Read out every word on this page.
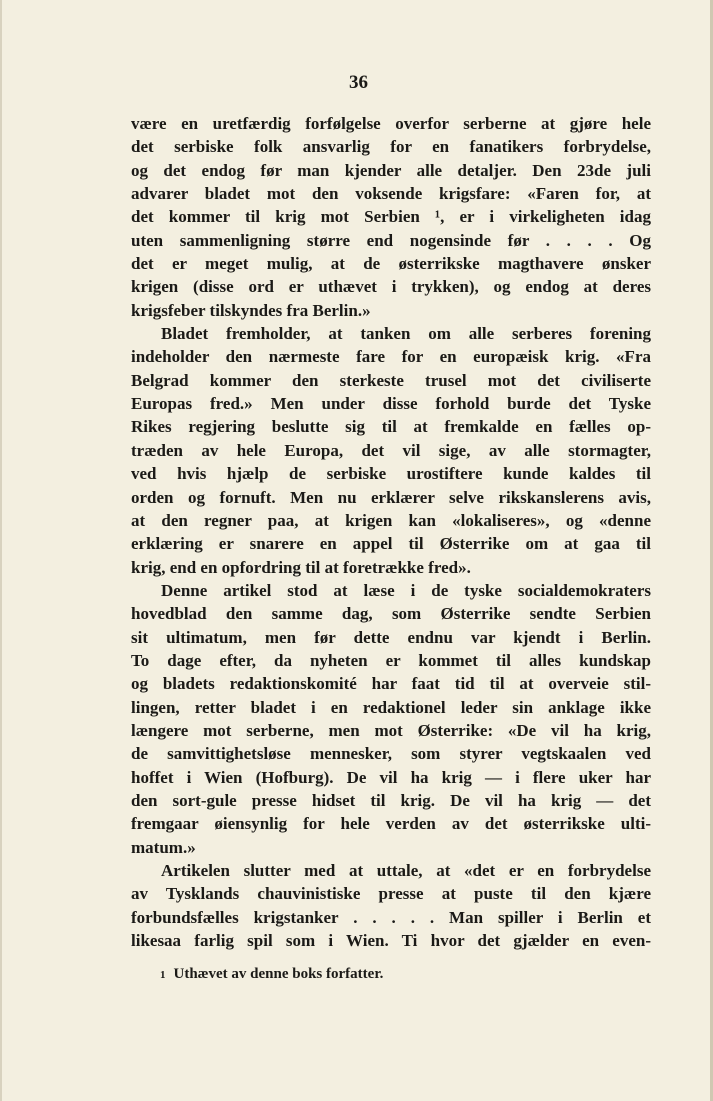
36
være en uretfærdig forfølgelse overfor serberne at gjøre hele
det serbiske folk ansvarlig for en fanatikers forbrydelse,
og det endog før man kjender alle detaljer. Den 23de juli
advarer bladet mot den voksende krigsfare: «Faren for, at
det kommer til krig mot Serbien ¹, er i virkeligheten idag
uten sammenligning større end nogensinde før . . . . Og
det er meget mulig, at de østerrikske magthavere ønsker
krigen (disse ord er uthævet i trykken), og endog at deres
krigsfeber tilskyndes fra Berlin.»
Bladet fremholder, at tanken om alle serberes forening
indeholder den nærmeste fare for en europæisk krig. «Fra
Belgrad kommer den sterkeste trusel mot det civiliserte
Europas fred.» Men under disse forhold burde det Tyske
Rikes regjering beslutte sig til at fremkalde en fælles op-
træden av hele Europa, det vil sige, av alle stormagter,
ved hvis hjælp de serbiske urostiftere kunde kaldes til
orden og fornuft. Men nu erklærer selve rikskanslerens avis,
at den regner paa, at krigen kan «lokaliseres», og «denne
erklæring er snarere en appel til Østerrike om at gaa til
krig, end en opfordring til at foretrække fred».
Denne artikel stod at læse i de tyske socialdemokraters
hovedblad den samme dag, som Østerrike sendte Serbien
sit ultimatum, men før dette endnu var kjendt i Berlin.
To dage efter, da nyheten er kommet til alles kundskap
og bladets redaktionskomité har faat tid til at overveie stil-
lingen, retter bladet i en redaktionel leder sin anklage ikke
længere mot serberne, men mot Østerrike: «De vil ha krig,
de samvittighetsløse mennesker, som styrer vegtskaalen ved
hoffet i Wien (Hofburg). De vil ha krig — i flere uker har
den sort-gule presse hidset til krig. De vil ha krig — det
fremgaar øiensynlig for hele verden av det østerrikske ulti-
matum.»
Artikelen slutter med at uttale, at «det er en forbrydelse
av Tysklands chauvinistiske presse at puste til den kjære
forbundsfælles krigstanker . . . . . Man spiller i Berlin et
likesaa farlig spil som i Wien. Ti hvor det gjælder en even-
1 Uthævet av denne boks forfatter.
